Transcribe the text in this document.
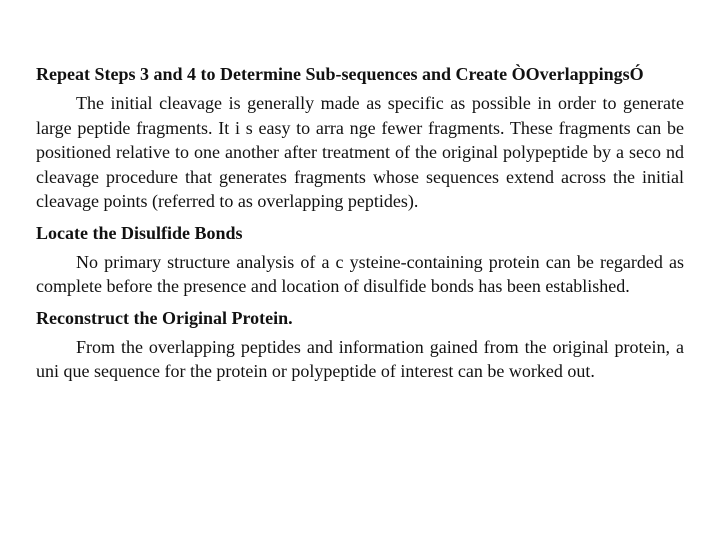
Repeat Steps 3 and 4 to Determine Sub-sequences and Create ÒOverlappingsÓ

The initial cleavage is generally made as specific as possible in order to generate large peptide fragments. It i s easy to arra nge fewer fragments. These fragments can be positioned relative to one another after treatment of the original polypeptide by a seco nd cleavage procedure that generates fragments whose sequences extend across the initial cleavage points (referred to as overlapping peptides).

Locate the Disulfide Bonds

No primary structure analysis of a c ysteine-containing protein can be regarded as complete before the presence and location of disulfide bonds has been established.

Reconstruct the Original Protein.

From the overlapping peptides and information gained from the original protein, a uni que sequence for the protein or polypeptide of interest can be worked out.
